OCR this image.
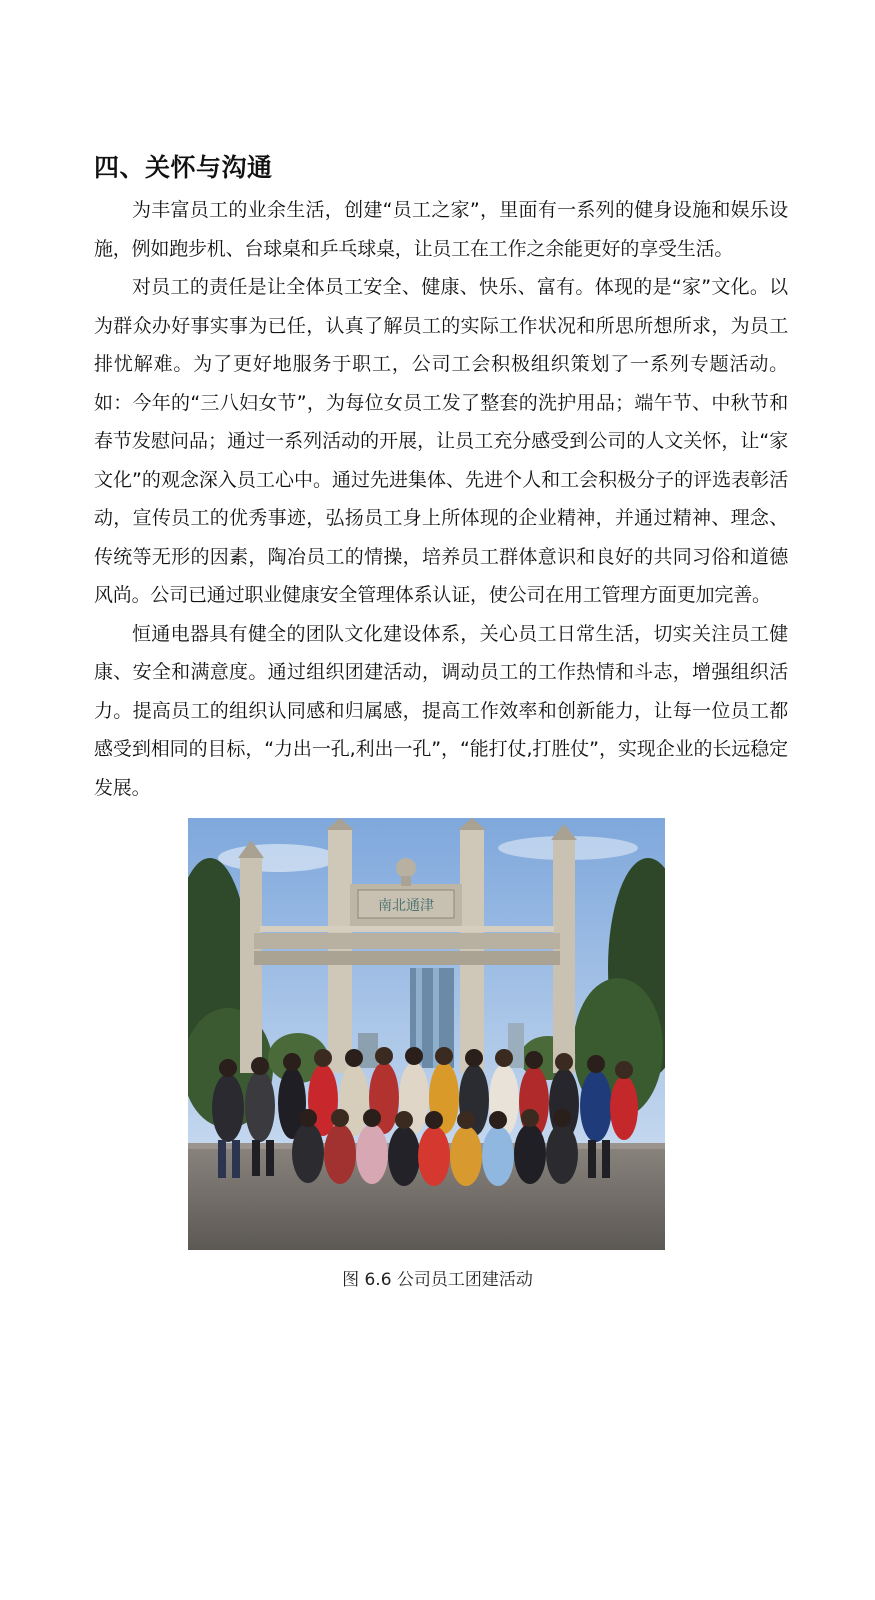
四、关怀与沟通

为丰富员工的业余生活，创建“员工之家”，里面有一系列的健身设施和娱乐设施，例如跑步机、台球桌和乒乓球桌，让员工在工作之余能更好的享受生活。

对员工的责任是让全体员工安全、健康、快乐、富有。体现的是“家”文化。以为群众办好事实事为已任，认真了解员工的实际工作状况和所思所想所求，为员工排忧解难。为了更好地服务于职工，公司工会积极组织策划了一系列专题活动。如：今年的“三八妇女节”，为每位女员工发了整套的洗护用品；端午节、中秋节和春节发慰问品；通过一系列活动的开展，让员工充分感受到公司的人文关怀，让“家文化”的观念深入员工心中。通过先进集体、先进个人和工会积极分子的评选表彰活动，宣传员工的优秀事迹，弘扬员工身上所体现的企业精神，并通过精神、理念、传统等无形的因素，陶冶员工的情操，培养员工群体意识和良好的共同习俗和道德风尚。公司已通过职业健康安全管理体系认证，使公司在用工管理方面更加完善。

恒通电器具有健全的团队文化建设体系，关心员工日常生活，切实关注员工健康、安全和满意度。通过组织团建活动，调动员工的工作热情和斗志，增强组织活力。提高员工的组织认同感和归属感，提高工作效率和创新能力，让每一位员工都感受到相同的目标，“力出一孔,利出一孔”，“能打仗,打胜仗”，实现企业的长远稳定发展。

南北通津

图 6.6 公司员工团建活动
